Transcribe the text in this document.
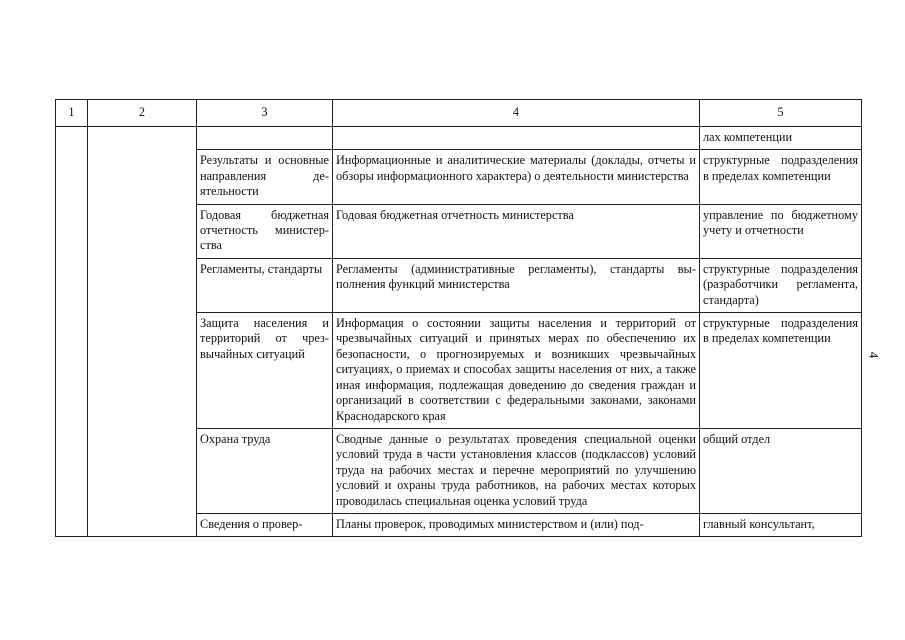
1	2	3	4	5
				лах компетенции
		Результаты и основные направления деятельности	Информационные и аналитические материалы (доклады, отчеты и обзоры информационного характера) о деятельности министерства	структурные подразделения в пределах компетенции
		Годовая бюджетная отчетность министерства	Годовая бюджетная отчетность министерства	управление по бюджетному учету и отчетности
		Регламенты, стандарты	Регламенты (административные регламенты), стандарты выполнения функций министерства	структурные подразделения (разработчики регламента, стандарта)
		Защита населения и территорий от чрезвычайных ситуаций	Информация о состоянии защиты населения и территорий от чрезвычайных ситуаций и принятых мерах по обеспечению их безопасности, о прогнозируемых и возникших чрезвычайных ситуациях, о приемах и способах защиты населения от них, а также иная информация, подлежащая доведению до сведения граждан и организаций в соответствии с федеральными законами, законами Краснодарского края	структурные подразделения в пределах компетенции
		Охрана труда	Сводные данные о результатах проведения специальной оценки условий труда в части установления классов (подклассов) условий труда на рабочих местах и перечне мероприятий по улучшению условий и охраны труда работников, на рабочих местах которых проводилась специальная оценка условий труда	общий отдел
		Сведения о провер-	Планы проверок, проводимых министерством и (или) под-	главный консультант,
4
